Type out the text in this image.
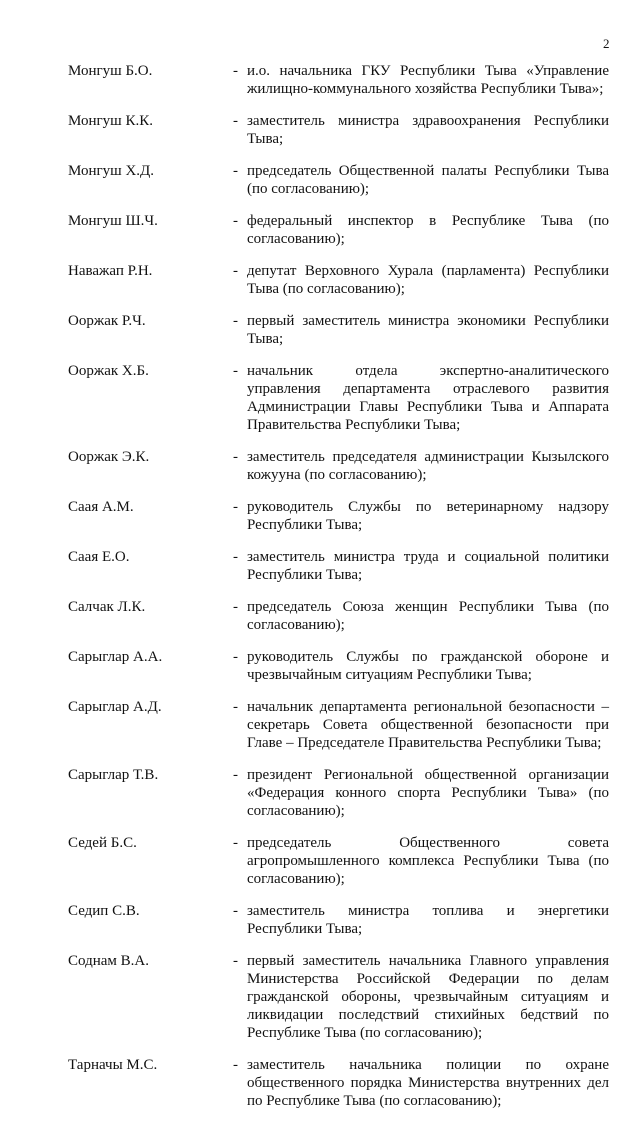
2
Монгуш Б.О.	- и.о. начальника ГКУ Республики Тыва «Управление жилищно-коммунального хозяйства Республики Тыва»;
Монгуш К.К.	- заместитель министра здравоохранения Республики Тыва;
Монгуш Х.Д.	- председатель Общественной палаты Республики Тыва (по согласованию);
Монгуш Ш.Ч.	- федеральный инспектор в Республике Тыва (по согласованию);
Наважап Р.Н.	- депутат Верховного Хурала (парламента) Республики Тыва (по согласованию);
Ооржак Р.Ч.	- первый заместитель министра экономики Республики Тыва;
Ооржак Х.Б.	- начальник отдела экспертно-аналитического управления департамента отраслевого развития Администрации Главы Республики Тыва и Аппарата Правительства Республики Тыва;
Ооржак Э.К.	- заместитель председателя администрации Кызылского кожууна (по согласованию);
Саая А.М.	- руководитель Службы по ветеринарному надзору Республики Тыва;
Саая Е.О.	- заместитель министра труда и социальной политики Республики Тыва;
Салчак Л.К.	- председатель Союза женщин Республики Тыва (по согласованию);
Сарыглар А.А.	- руководитель Службы по гражданской обороне и чрезвычайным ситуациям Республики Тыва;
Сарыглар А.Д.	- начальник департамента региональной безопасности – секретарь Совета общественной безопасности при Главе – Председателе Правительства Республики Тыва;
Сарыглар Т.В.	- президент Региональной общественной организации «Федерация конного спорта Республики Тыва» (по согласованию);
Седей Б.С.	- председатель Общественного совета агропромышленного комплекса Республики Тыва (по согласованию);
Седип С.В.	- заместитель министра топлива и энергетики Республики Тыва;
Соднам В.А.	- первый заместитель начальника Главного управления Министерства Российской Федерации по делам гражданской обороны, чрезвычайным ситуациям и ликвидации последствий стихийных бедствий по Республике Тыва (по согласованию);
Тарначы М.С.	- заместитель начальника полиции по охране общественного порядка Министерства внутренних дел по Республике Тыва (по согласованию);
